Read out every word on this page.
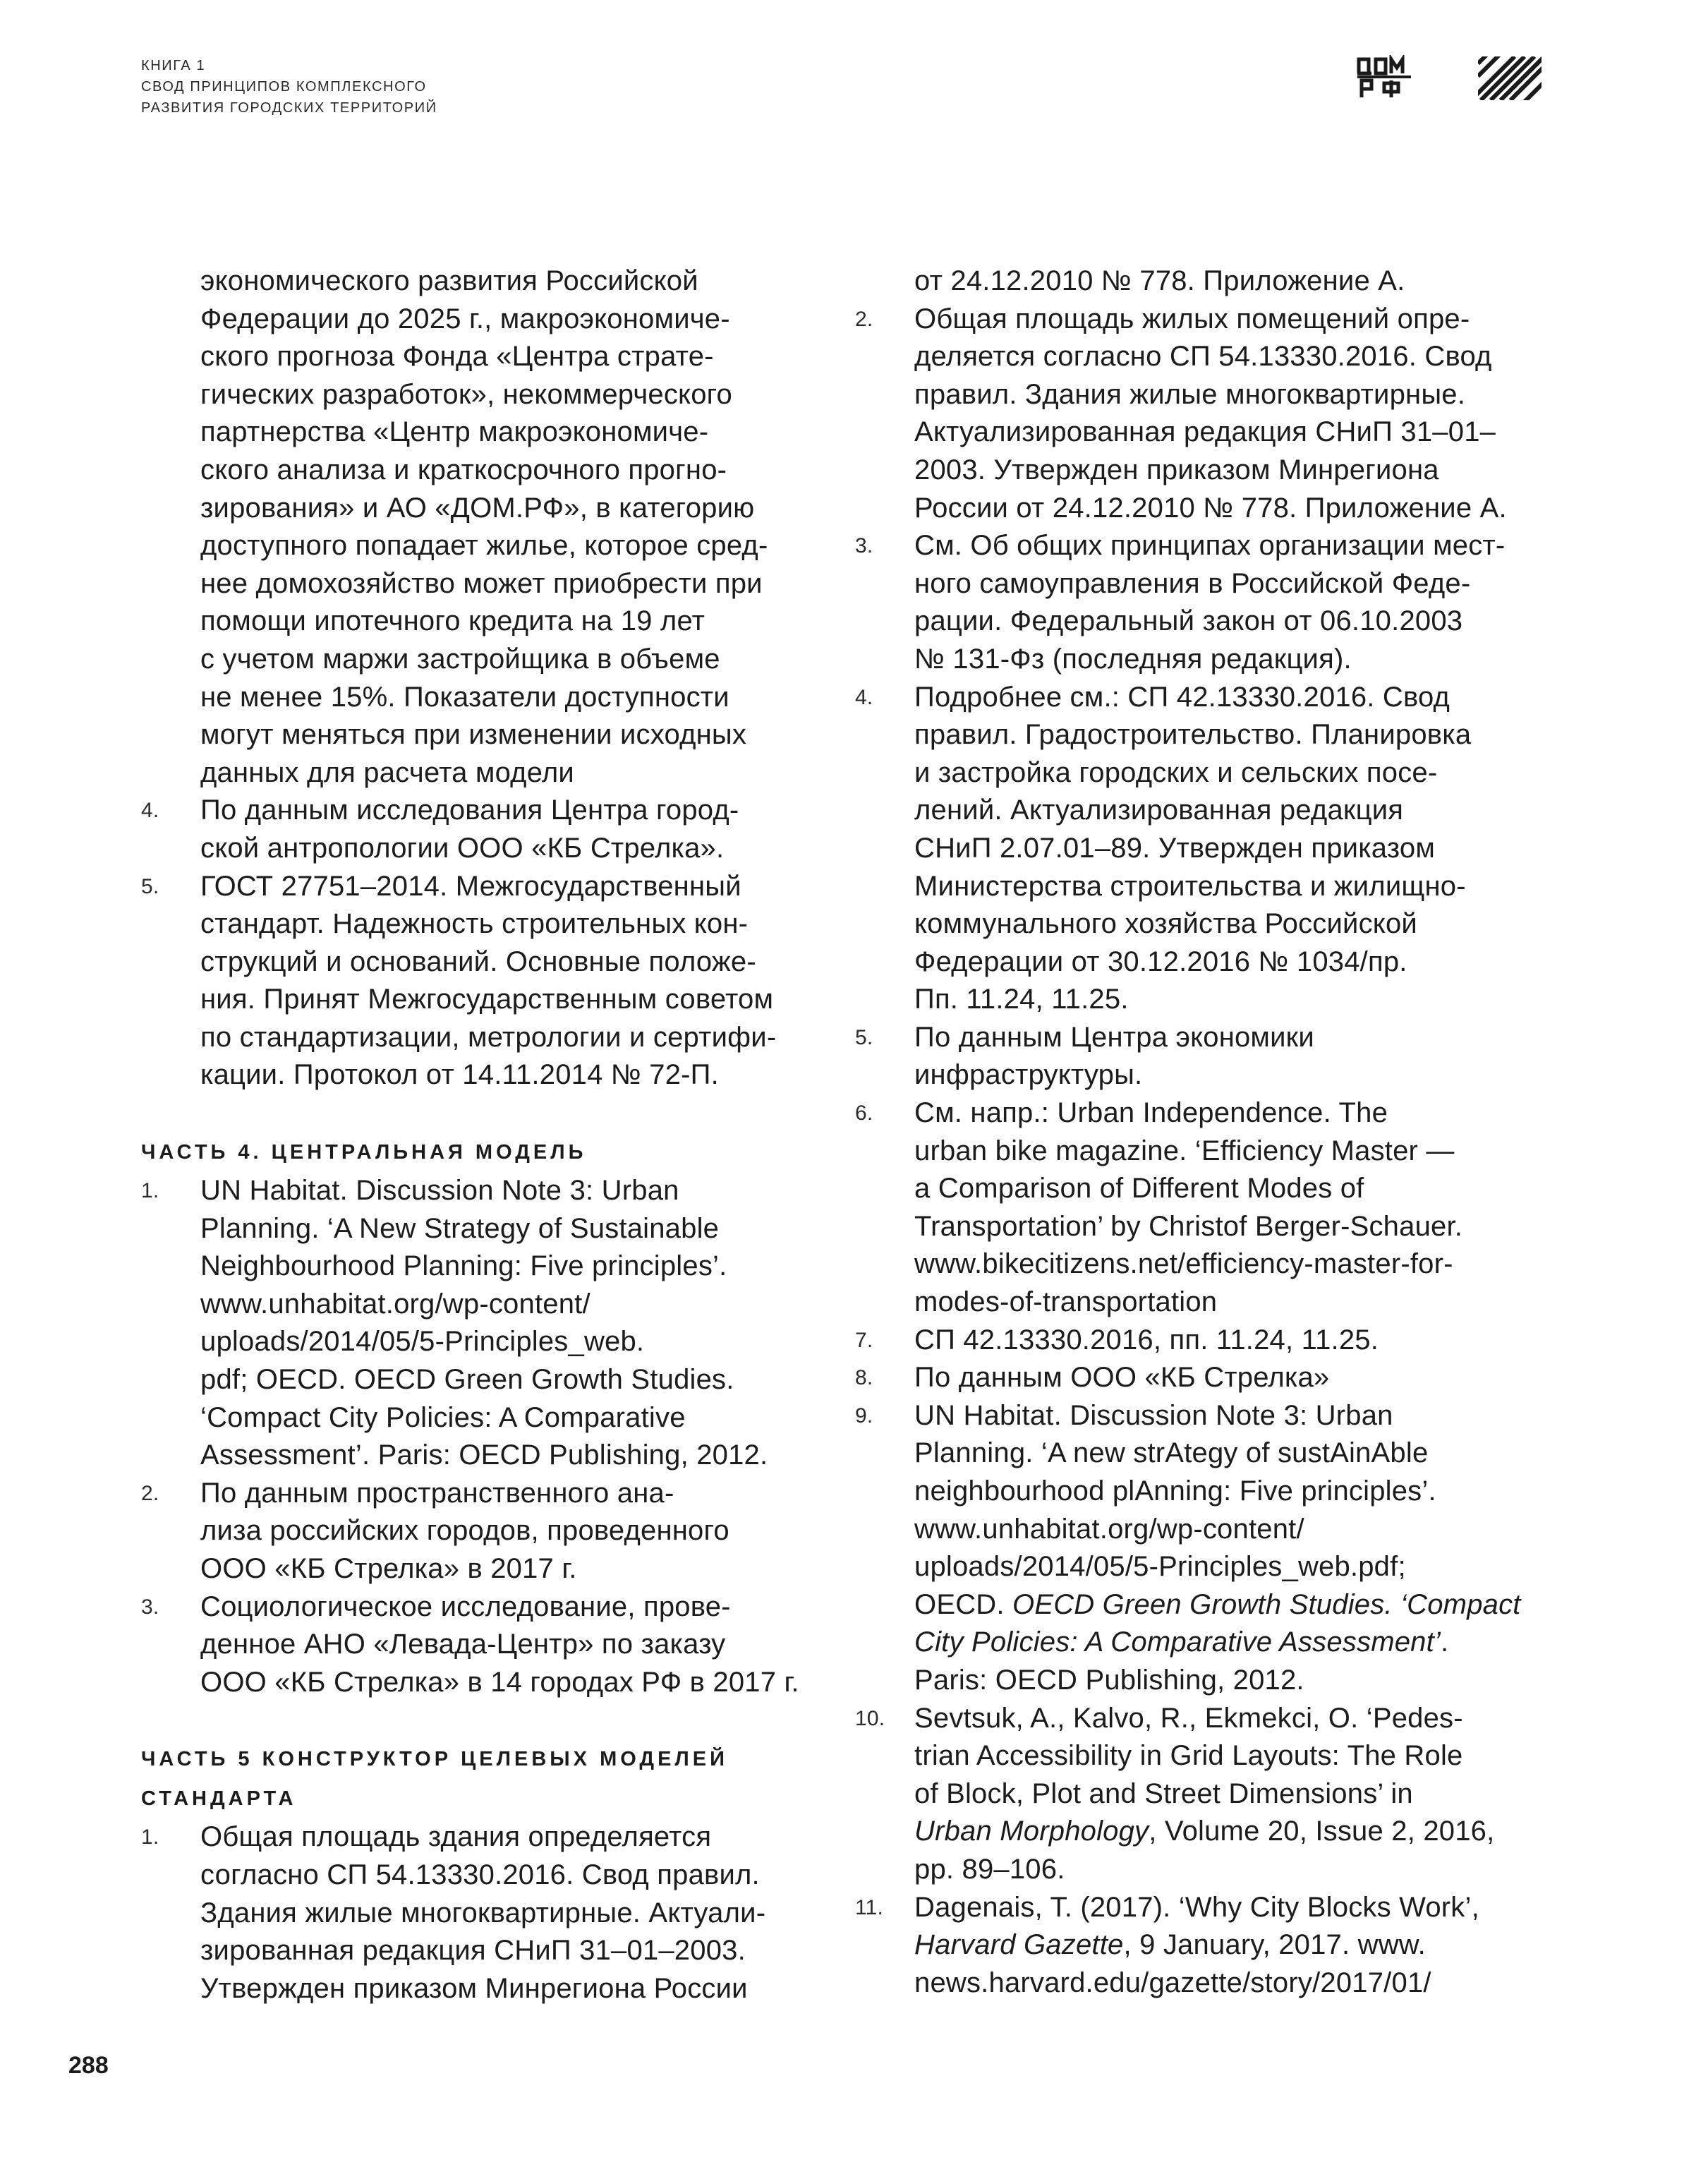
КНИГА 1
СВОД ПРИНЦИПОВ КОМПЛЕКСНОГО
РАЗВИТИЯ ГОРОДСКИХ ТЕРРИТОРИЙ
экономического развития Российской
Федерации до 2025 г., макроэкономиче-
ского прогноза Фонда «Центра страте-
гических разработок», некоммерческого
партнерства «Центр макроэкономиче-
ского анализа и краткосрочного прогно-
зирования» и АО «ДОМ.РФ», в категорию
доступного попадает жилье, которое сред-
нее домохозяйство может приобрести при
помощи ипотечного кредита на 19 лет
с учетом маржи застройщика в объеме
не менее 15%. Показатели доступности
могут меняться при изменении исходных
данных для расчета модели
4. По данным исследования Центра город-
ской антропологии ООО «КБ Стрелка».
5. ГОСТ 27751–2014. Межгосударственный
стандарт. Надежность строительных кон-
струкций и оснований. Основные положе-
ния. Принят Межгосударственным советом
по стандартизации, метрологии и сертифи-
кации. Протокол от 14.11.2014 № 72-П.
ЧАСТЬ 4. ЦЕНТРАЛЬНАЯ МОДЕЛЬ
1. UN Habitat. Discussion Note 3: Urban
Planning. ‘A New Strategy of Sustainable
Neighbourhood Planning: Five principles’.
www.unhabitat.org/wp-content/
uploads/2014/05/5-Principles_web.
pdf; OECD. OECD Green Growth Studies.
‘Compact City Policies: A Comparative
Assessment’. Paris: OECD Publishing, 2012.
2. По данным пространственного ана-
лиза российских городов, проведенного
ООО «КБ Стрелка» в 2017 г.
3. Социологическое исследование, прове-
денное АНО «Левада-Центр» по заказу
ООО «КБ Стрелка» в 14 городах РФ в 2017 г.
ЧАСТЬ 5 КОНСТРУКТОР ЦЕЛЕВЫХ МОДЕЛЕЙ
СТАНДАРТА
1. Общая площадь здания определяется
согласно СП 54.13330.2016. Свод правил.
Здания жилые многоквартирные. Актуали-
зированная редакция СНиП 31–01–2003.
Утвержден приказом Минрегиона России
от 24.12.2010 № 778. Приложение А.
2. Общая площадь жилых помещений опре-
деляется согласно СП 54.13330.2016. Свод
правил. Здания жилые многоквартирные.
Актуализированная редакция СНиП 31–01–
2003. Утвержден приказом Минрегиона
России от 24.12.2010 № 778. Приложение А.
3. См. Об общих принципах организации мест-
ного самоуправления в Российской Феде-
рации. Федеральный закон от 06.10.2003
№ 131-Фз (последняя редакция).
4. Подробнее см.: СП 42.13330.2016. Свод
правил. Градостроительство. Планировка
и застройка городских и сельских посе-
лений. Актуализированная редакция
СНиП 2.07.01–89. Утвержден приказом
Министерства строительства и жилищно-
коммунального хозяйства Российской
Федерации от 30.12.2016 № 1034/пр.
Пп. 11.24, 11.25.
5. По данным Центра экономики
инфраструктуры.
6. См. напр.: Urban Independence. The
urban bike magazine. ‘Efficiency Master —
a Comparison of Different Modes of
Transportation’ by Christof Berger-Schauer.
www.bikecitizens.net/efficiency-master-for-
modes-of-transportation
7. СП 42.13330.2016, пп. 11.24, 11.25.
8. По данным ООО «КБ Стрелка»
9. UN Habitat. Discussion Note 3: Urban
Planning. ‘A new strAtegy of sustAinAble
neighbourhood plAnning: Five principles’.
www.unhabitat.org/wp-content/
uploads/2014/05/5-Principles_web.pdf;
OECD. OECD Green Growth Studies. ‘Compact
City Policies: A Comparative Assessment’.
Paris: OECD Publishing, 2012.
10. Sevtsuk, A., Kalvo, R., Ekmekci, O. ‘Pedes-
trian Accessibility in Grid Layouts: The Role
of Block, Plot and Street Dimensions’ in
Urban Morphology, Volume 20, Issue 2, 2016,
pp. 89–106.
11. Dagenais, T. (2017). ‘Why City Blocks Work’,
Harvard Gazette, 9 January, 2017. www.
news.harvard.edu/gazette/story/2017/01/
288
